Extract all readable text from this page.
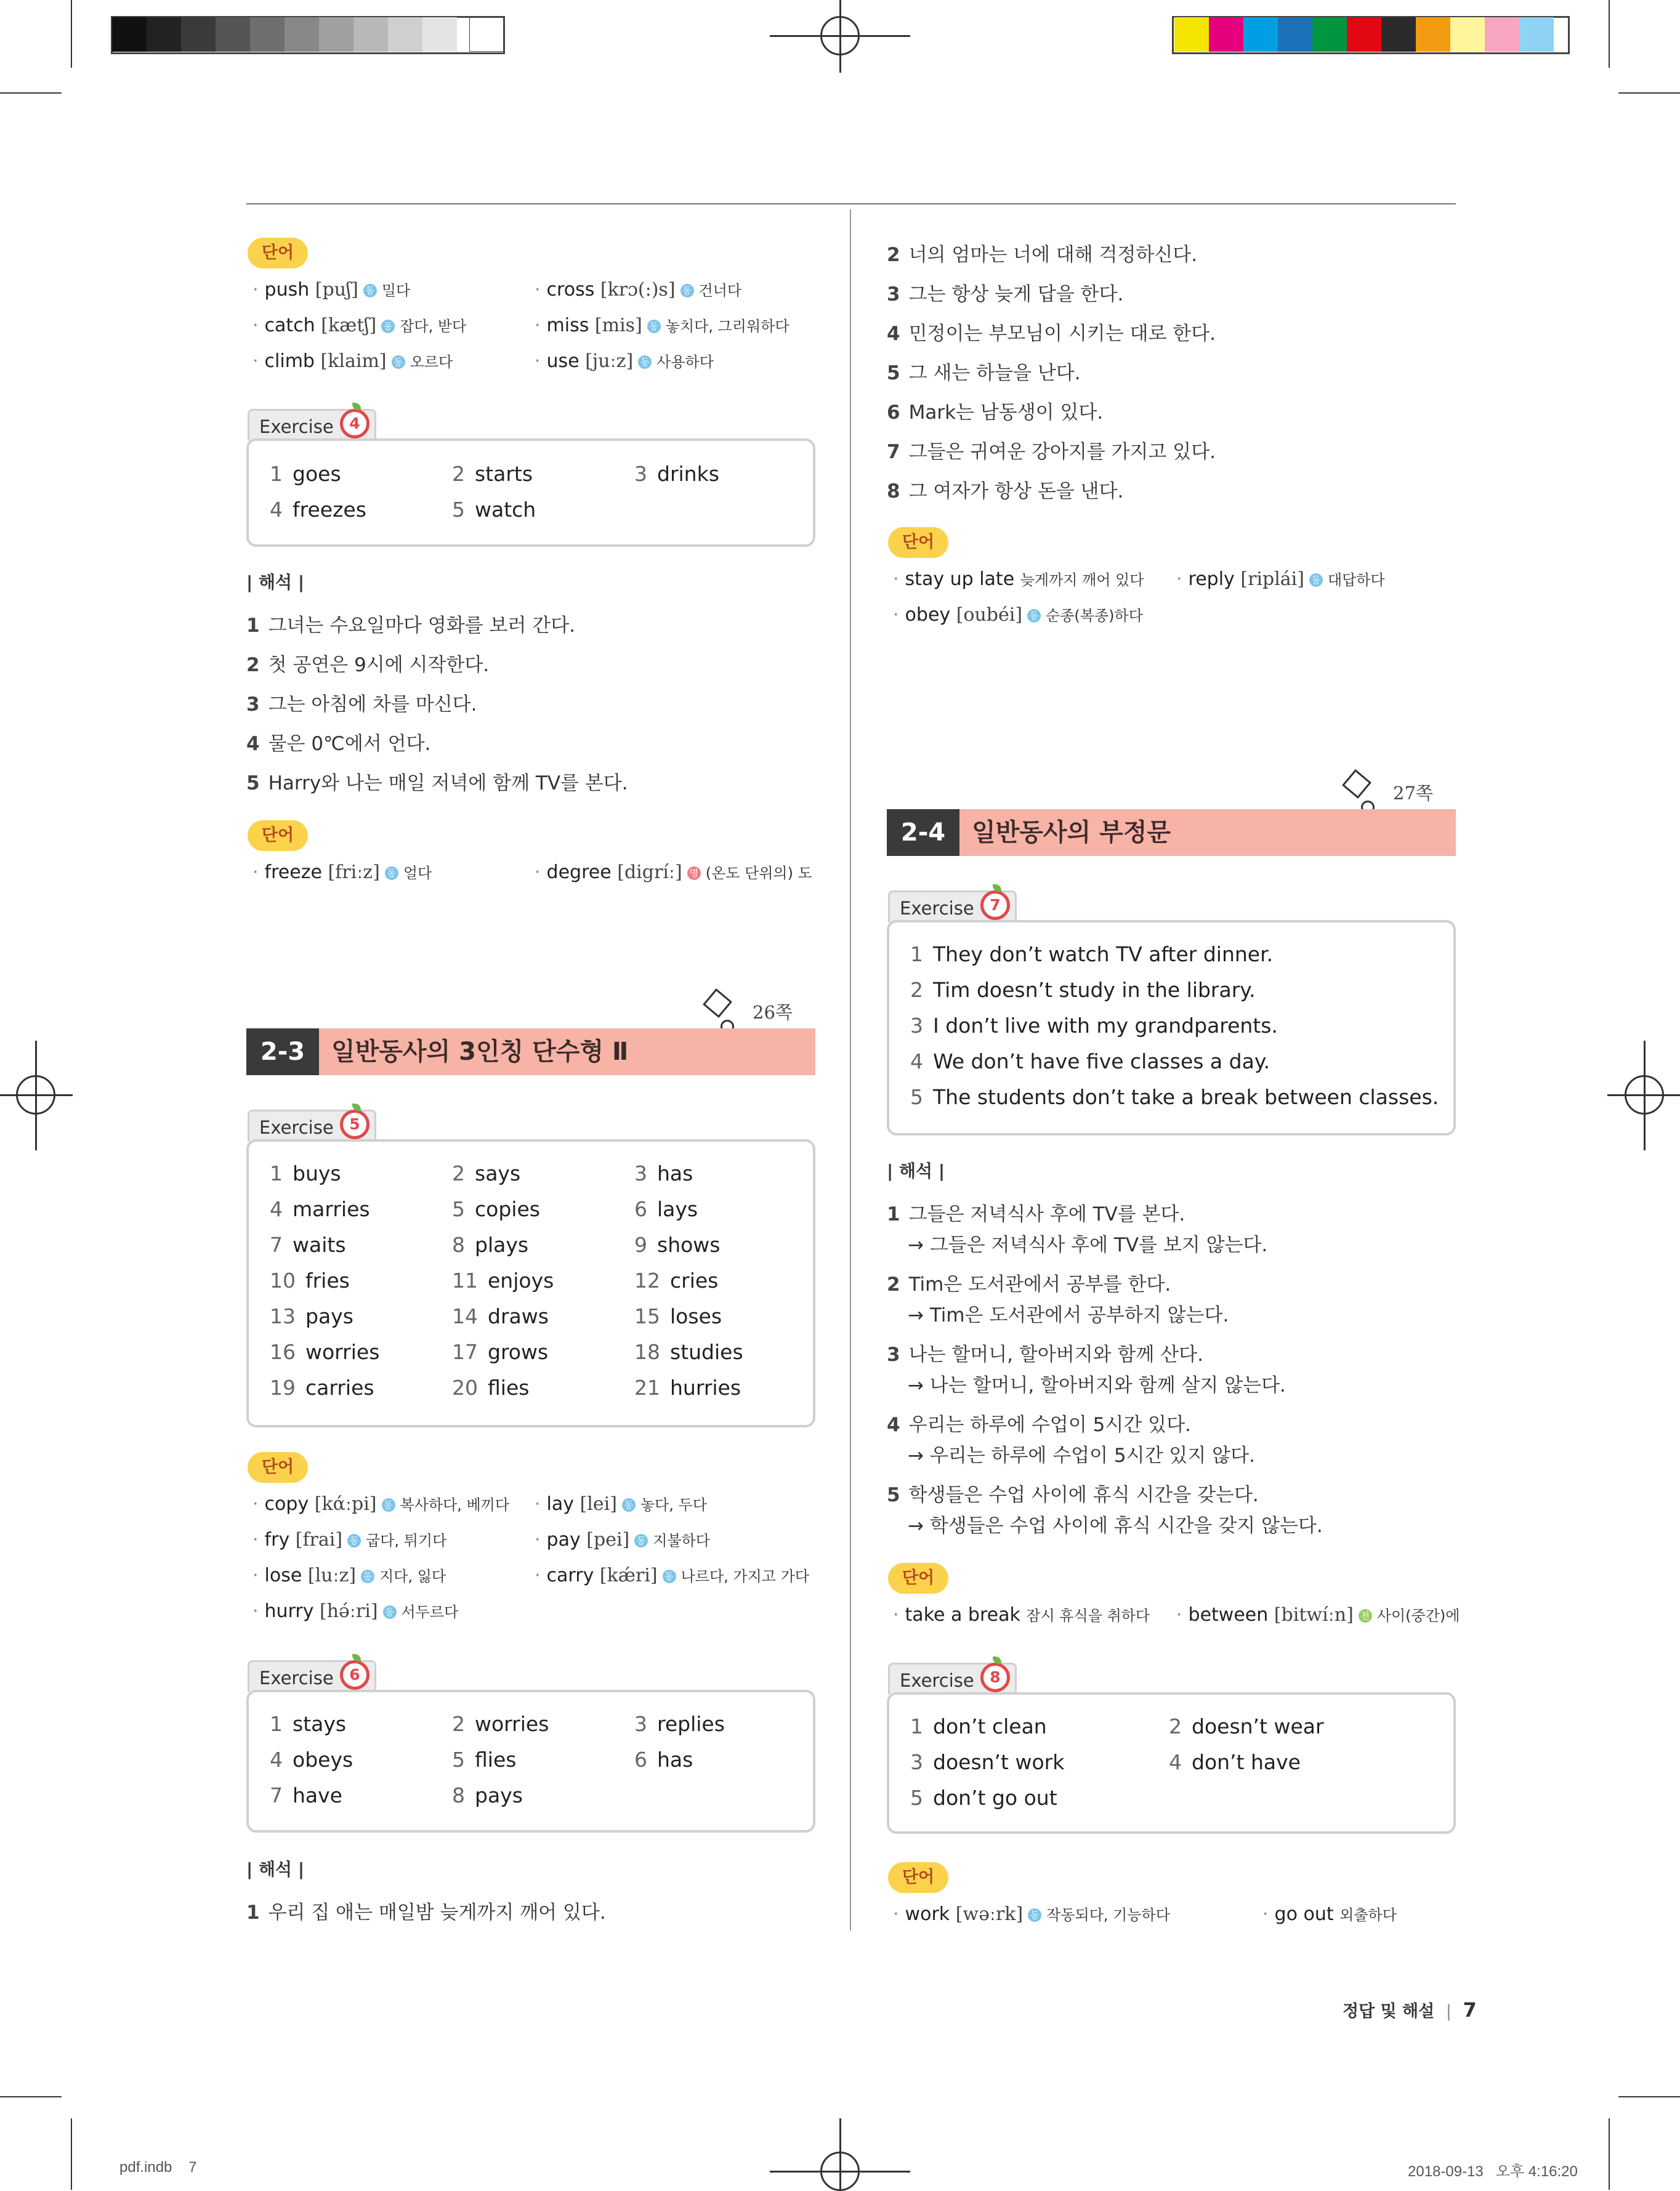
단어
· push [puʃ] 동 밀다	· cross [krɔ(:)s] 동 건너다
· catch [kætʃ] 동 잡다, 받다	· miss [mis] 동 놓치다, 그리워하다
· climb [klaim] 동 오르다	· use [juːz] 동 사용하다
Exercise	4
1 goes	2 starts	3 drinks
4 freezes	5 watch
| 해석 |
1 그녀는 수요일마다 영화를 보러 간다.
2 첫 공연은 9시에 시작한다.
3 그는 아침에 차를 마신다.
4 물은 0℃에서 언다.
5 Harry와 나는 매일 저녁에 함께 TV를 본다.
단어
· freeze [friːz] 동 얼다	· degree [digríː] 명 (온도 단위의) 도
26쪽
2-3	일반동사의 3인칭 단수형 Ⅱ
Exercise	5
1 buys	2 says	3 has
4 marries	5 copies	6 lays
7 waits	8 plays	9 shows
10 fries	11 enjoys	12 cries
13 pays	14 draws	15 loses
16 worries	17 grows	18 studies
19 carries	20 flies	21 hurries
단어
· copy [kάːpi] 동 복사하다, 베끼다 · lay [lei] 동 놓다, 두다
· fry [frai] 동 굽다, 튀기다	· pay [pei] 동 지불하다
· lose [luːz] 동 지다, 잃다	· carry [kǽri] 동 나르다, 가지고 가다
· hurry [hə́ːri] 동 서두르다
Exercise	6
1 stays	2 worries	3 replies
4 obeys	5 flies	6 has
7 have	8 pays
| 해석 |
1 우리 집 애는 매일밤 늦게까지 깨어 있다.
2 너의 엄마는 너에 대해 걱정하신다.
3 그는 항상 늦게 답을 한다.
4 민정이는 부모님이 시키는 대로 한다.
5 그 새는 하늘을 난다.
6 Mark는 남동생이 있다.
7 그들은 귀여운 강아지를 가지고 있다.
8 그 여자가 항상 돈을 낸다.
단어
· stay up late 늦게까지 깨어 있다 · reply [riplái] 동 대답하다
· obey [oubéi] 동 순종(복종)하다
27쪽
2-4	일반동사의 부정문
Exercise	7
1 They don’t watch TV after dinner.
2 Tim doesn’t study in the library.
3 I don’t live with my grandparents.
4 We don’t have five classes a day.
5 The students don’t take a break between classes.
| 해석 |
1 그들은 저녁식사 후에 TV를 본다.
→ 그들은 저녁식사 후에 TV를 보지 않는다.
2 Tim은 도서관에서 공부를 한다.
→ Tim은 도서관에서 공부하지 않는다.
3 나는 할머니, 할아버지와 함께 산다.
→ 나는 할머니, 할아버지와 함께 살지 않는다.
4 우리는 하루에 수업이 5시간 있다.
→ 우리는 하루에 수업이 5시간 있지 않다.
5 학생들은 수업 사이에 휴식 시간을 갖는다.
→ 학생들은 수업 사이에 휴식 시간을 갖지 않는다.
단어
· take a break 잠시 휴식을 취하다 · between [bitwíːn] 전 사이(중간)에
Exercise	8
1 don’t clean	2 doesn’t wear
3 doesn’t work	4 don’t have
5 don’t go out
단어
· work [wəːrk] 동 작동되다, 기능하다	· go out 외출하다
정답 및 해설 | 7
pdf.indb 7	2018-09-13   오후 4:16:20
